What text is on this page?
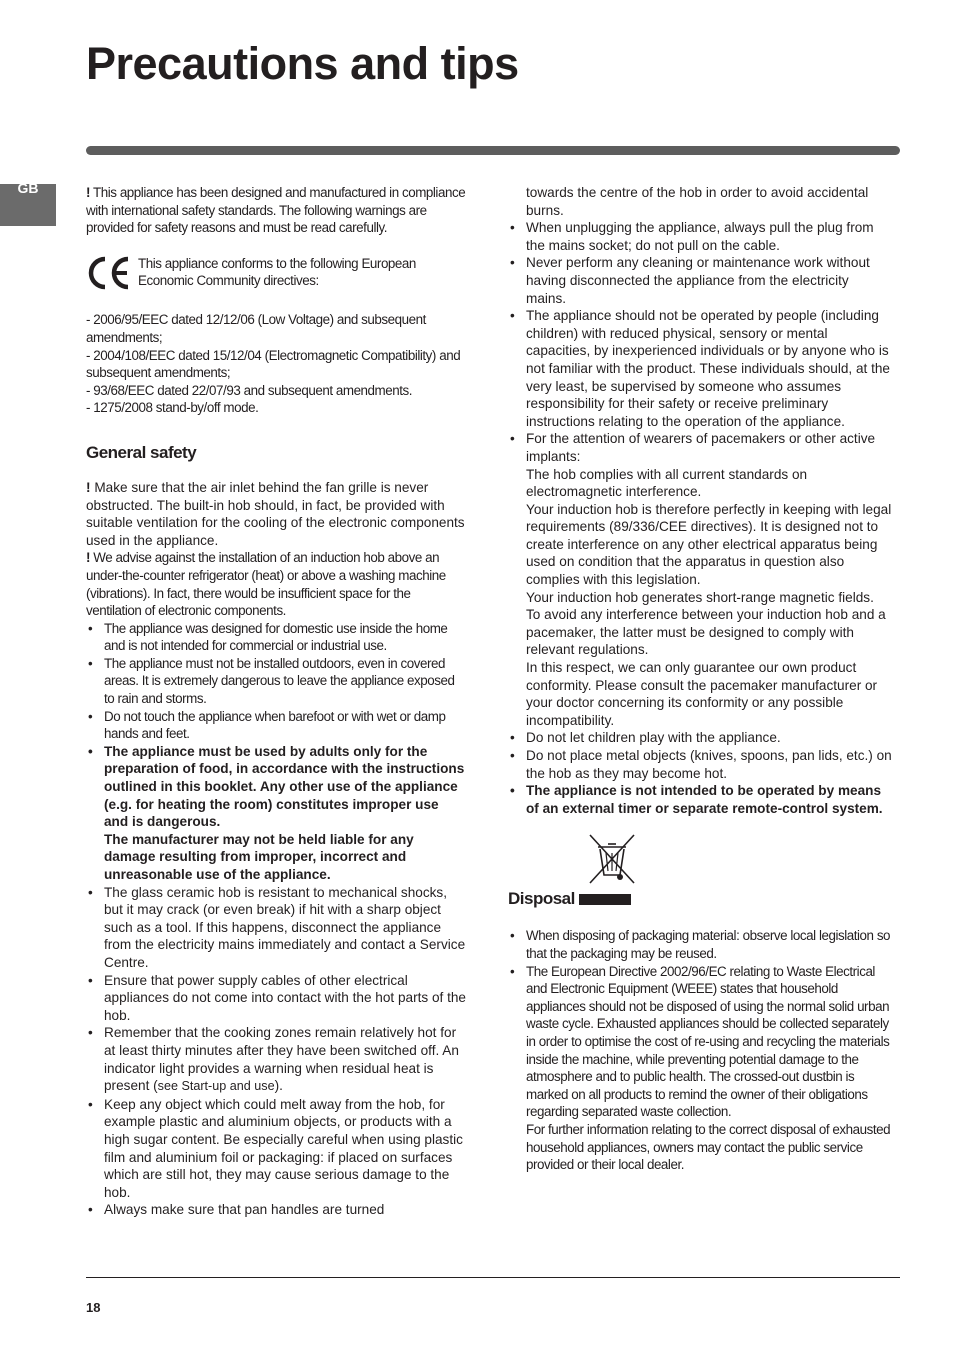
Precautions and tips
GB	! This appliance has been designed and manufactured in compliance with international safety standards. The following warnings are provided for safety reasons and must be read carefully.

This appliance conforms to the following European Economic Community directives:
- 2006/95/EEC dated 12/12/06 (Low Voltage) and subsequent amendments;
- 2004/108/EEC dated 15/12/04 (Electromagnetic Compatibility) and subsequent amendments;
- 93/68/EEC dated 22/07/93 and subsequent amendments.
- 1275/2008 stand-by/off mode.
General safety

! Make sure that the air inlet behind the fan grille is never obstructed. The built-in hob should, in fact, be provided with suitable ventilation for the cooling of the electronic components used in the appliance.

! We advise against the installation of an induction hob above an under-the-counter refrigerator (heat) or above a washing machine (vibrations). In fact, there would be insufficient space for the ventilation of electronic components.

• The appliance was designed for domestic use inside the home and is not intended for commercial or industrial use.
• The appliance must not be installed outdoors, even in covered areas. It is extremely dangerous to leave the appliance exposed to rain and storms.
• Do not touch the appliance when barefoot or with wet or damp hands and feet.
• The appliance must be used by adults only for the preparation of food, in accordance with the instructions outlined in this booklet. Any other use of the appliance (e.g. for heating the room) constitutes improper use and is dangerous.
The manufacturer may not be held liable for any damage resulting from improper, incorrect and unreasonable use of the appliance.
• The glass ceramic hob is resistant to mechanical shocks, but it may crack (or even break) if hit with a sharp object such as a tool. If this happens, disconnect the appliance from the electricity mains immediately and contact a Service Centre.
• Ensure that power supply cables of other electrical appliances do not come into contact with the hot parts of the hob.
• Remember that the cooking zones remain relatively hot for at least thirty minutes after they have been switched off. An indicator light provides a warning when residual heat is present (see Start-up and use).
• Keep any object which could melt away from the hob, for example plastic and aluminium objects, or products with a high sugar content. Be especially careful when using plastic film and aluminium foil or packaging: if placed on surfaces which are still hot, they may cause serious damage to the hob.
• Always make sure that pan handles are turned
towards the centre of the hob in order to avoid accidental burns.
• When unplugging the appliance, always pull the plug from the mains socket; do not pull on the cable.
• Never perform any cleaning or maintenance work without having disconnected the appliance from the electricity mains.
• The appliance should not be operated by people (including children) with reduced physical, sensory or mental capacities, by inexperienced individuals or by anyone who is not familiar with the product. These individuals should, at the very least, be supervised by someone who assumes responsibility for their safety or receive preliminary instructions relating to the operation of the appliance.
• For the attention of wearers of pacemakers or other active implants:
The hob complies with all current standards on electromagnetic interference.
Your induction hob is therefore perfectly in keeping with legal requirements (89/336/CEE directives). It is designed not to create interference on any other electrical apparatus being used on condition that the apparatus in question also complies with this legislation.
Your induction hob generates short-range magnetic fields.
To avoid any interference between your induction hob and a pacemaker, the latter must be designed to comply with relevant regulations.
In this respect, we can only guarantee our own product conformity. Please consult the pacemaker manufacturer or your doctor concerning its conformity or any possible incompatibility.
• Do not let children play with the appliance.
• Do not place metal objects (knives, spoons, pan lids, etc.) on the hob as they may become hot.
• The appliance is not intended to be operated by means of an external timer or separate remote-control system.
Disposal
• When disposing of packaging material: observe local legislation so that the packaging may be reused.
• The European Directive 2002/96/EC relating to Waste Electrical and Electronic Equipment (WEEE) states that household appliances should not be disposed of using the normal solid urban waste cycle. Exhausted appliances should be collected separately in order to optimise the cost of re-using and recycling the materials inside the machine, while preventing potential damage to the atmosphere and to public health. The crossed-out dustbin is marked on all products to remind the owner of their obligations regarding separated waste collection.
For further information relating to the correct disposal of exhausted household appliances, owners may contact the public service provided or their local dealer.
18
